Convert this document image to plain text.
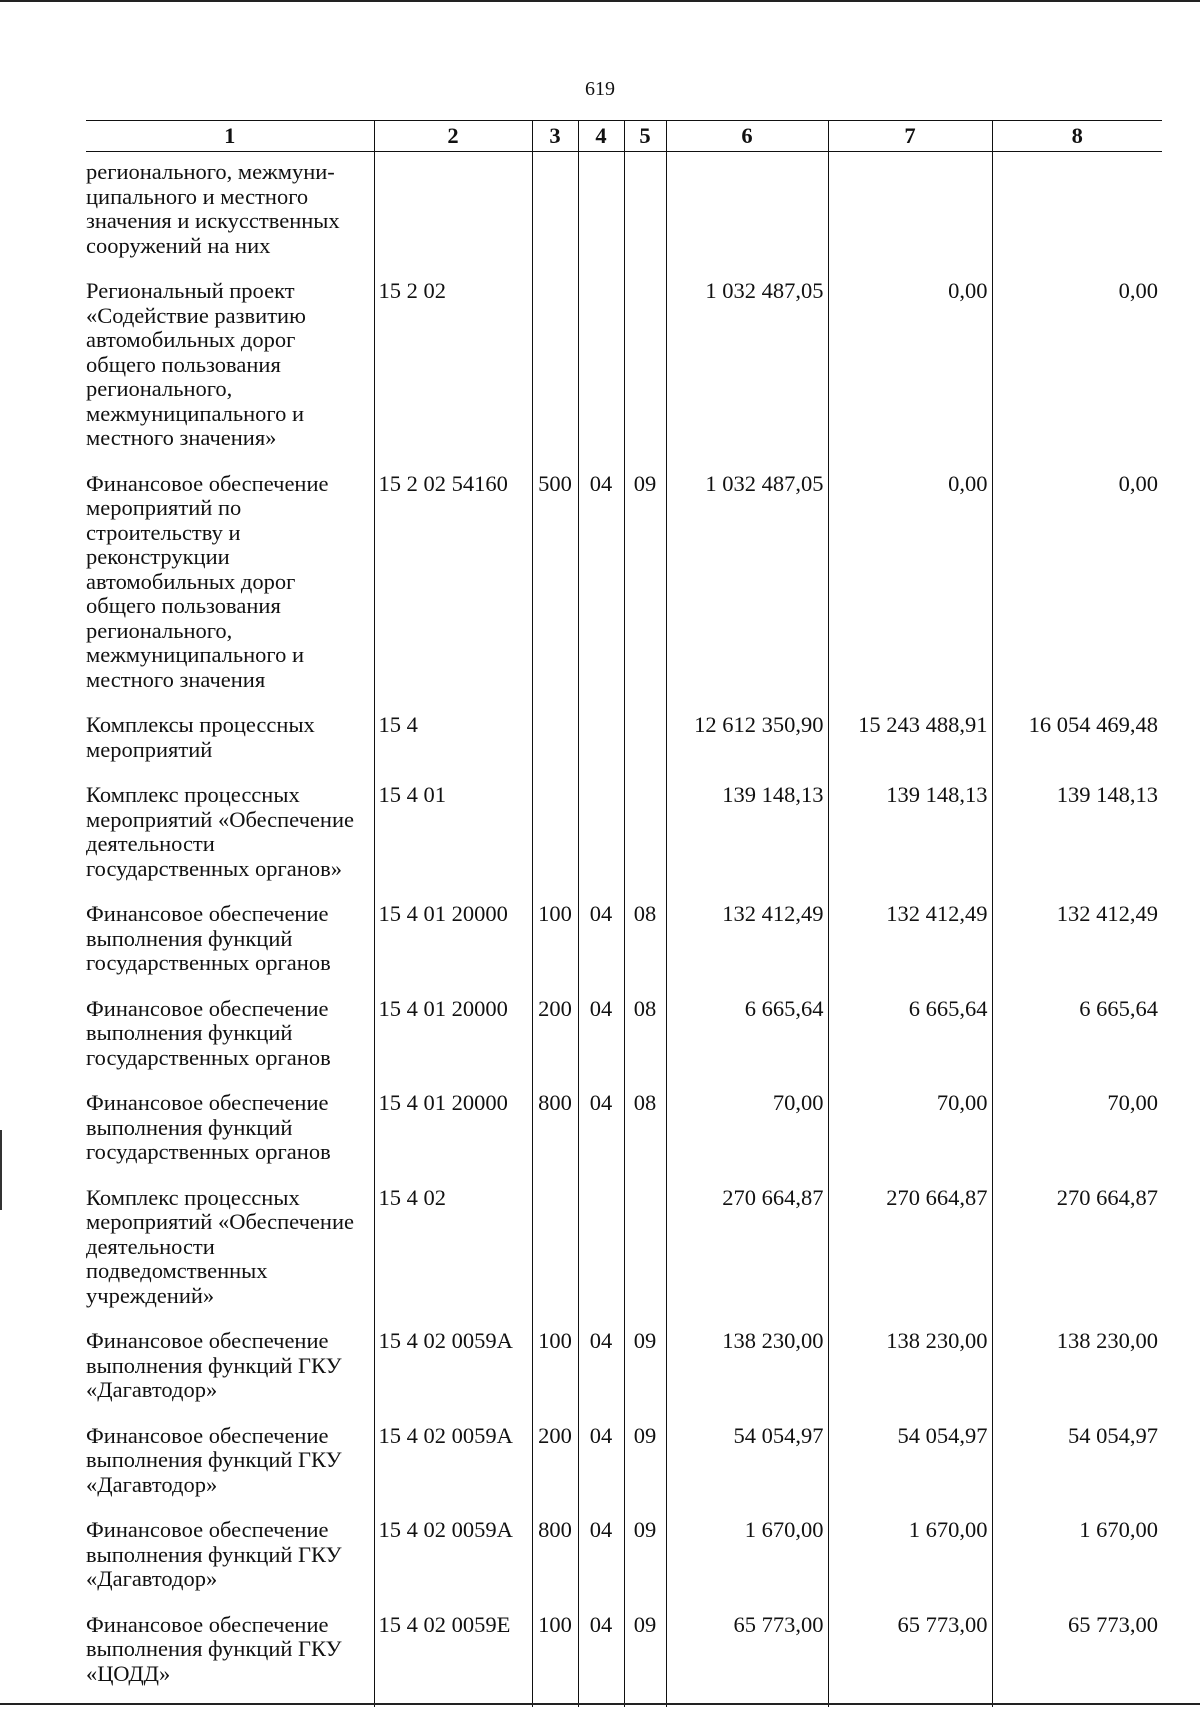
619
1	2	3	4	5	6	7	8
регионального, межмуни-ципального и местного значения и искусственных сооружений на них							
Региональный проект «Содействие развитию автомобильных дорог общего пользования регионального, межмуниципального и местного значения»	15 2 02				1 032 487,05	0,00	0,00
Финансовое обеспечение мероприятий по строительству и реконструкции автомобильных дорог общего пользования регионального, межмуниципального и местного значения	15 2 02 54160	500	04	09	1 032 487,05	0,00	0,00
Комплексы процессных мероприятий	15 4				12 612 350,90	15 243 488,91	16 054 469,48
Комплекс процессных мероприятий «Обеспечение деятельности государственных органов»	15 4 01				139 148,13	139 148,13	139 148,13
Финансовое обеспечение выполнения функций государственных органов	15 4 01 20000	100	04	08	132 412,49	132 412,49	132 412,49
Финансовое обеспечение выполнения функций государственных органов	15 4 01 20000	200	04	08	6 665,64	6 665,64	6 665,64
Финансовое обеспечение выполнения функций государственных органов	15 4 01 20000	800	04	08	70,00	70,00	70,00
Комплекс процессных мероприятий «Обеспечение деятельности подведомственных учреждений»	15 4 02				270 664,87	270 664,87	270 664,87
Финансовое обеспечение выполнения функций ГКУ «Дагавтодор»	15 4 02 0059А	100	04	09	138 230,00	138 230,00	138 230,00
Финансовое обеспечение выполнения функций ГКУ «Дагавтодор»	15 4 02 0059А	200	04	09	54 054,97	54 054,97	54 054,97
Финансовое обеспечение выполнения функций ГКУ «Дагавтодор»	15 4 02 0059А	800	04	09	1 670,00	1 670,00	1 670,00
Финансовое обеспечение выполнения функций ГКУ «ЦОДД»	15 4 02 0059Е	100	04	09	65 773,00	65 773,00	65 773,00
